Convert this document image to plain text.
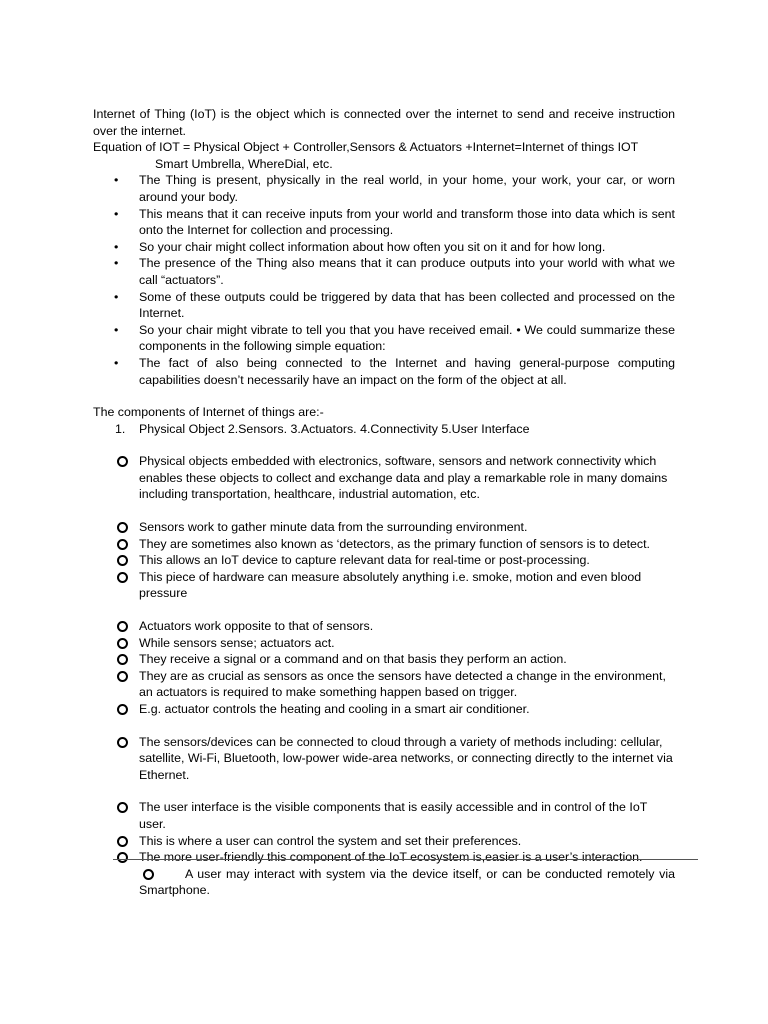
Internet of Thing (IoT) is the object which is connected over the internet to send and receive instruction over the internet.

Equation of IOT = Physical Object + Controller,Sensors & Actuators +Internet=Internet of things IOT

Smart Umbrella, WhereDial, etc.

• The Thing is present, physically in the real world, in your home, your work, your car, or worn around your body.
• This means that it can receive inputs from your world and transform those into data which is sent onto the Internet for collection and processing.
• So your chair might collect information about how often you sit on it and for how long.
• The presence of the Thing also means that it can produce outputs into your world with what we call “actuators”.
• Some of these outputs could be triggered by data that has been collected and processed on the Internet.
• So your chair might vibrate to tell you that you have received email. • We could summarize these components in the following simple equation:
• The fact of also being connected to the Internet and having general-purpose computing capabilities doesn’t necessarily have an impact on the form of the object at all.

The components of Internet of things are:-

1. Physical Object 2.Sensors. 3.Actuators. 4.Connectivity 5.User Interface
Physical objects embedded with electronics, software, sensors and network connectivity which enables these objects to collect and exchange data and play a remarkable role in many domains including transportation, healthcare, industrial automation, etc.
Sensors work to gather minute data from the surrounding environment.
They are sometimes also known as ‘detectors, as the primary function of sensors is to detect.
This allows an IoT device to capture relevant data for real-time or post-processing.
This piece of hardware can measure absolutely anything i.e. smoke, motion and even blood pressure
Actuators work opposite to that of sensors.
While sensors sense; actuators act.
They receive a signal or a command and on that basis they perform an action.
They are as crucial as sensors as once the sensors have detected a change in the environment, an actuators is required to make something happen based on trigger.
E.g. actuator controls the heating and cooling in a smart air conditioner.
The sensors/devices can be connected to cloud through a variety of methods including: cellular, satellite, Wi-Fi, Bluetooth, low-power wide-area networks, or connecting directly to the internet via Ethernet.
The user interface is the visible components that is easily accessible and in control of the IoT user.
This is where a user can control the system and set their preferences.
The more user-friendly this component of the IoT ecosystem is,easier is a user’s interaction.
A user may interact with system via the device itself, or can be conducted remotely via Smartphone.
